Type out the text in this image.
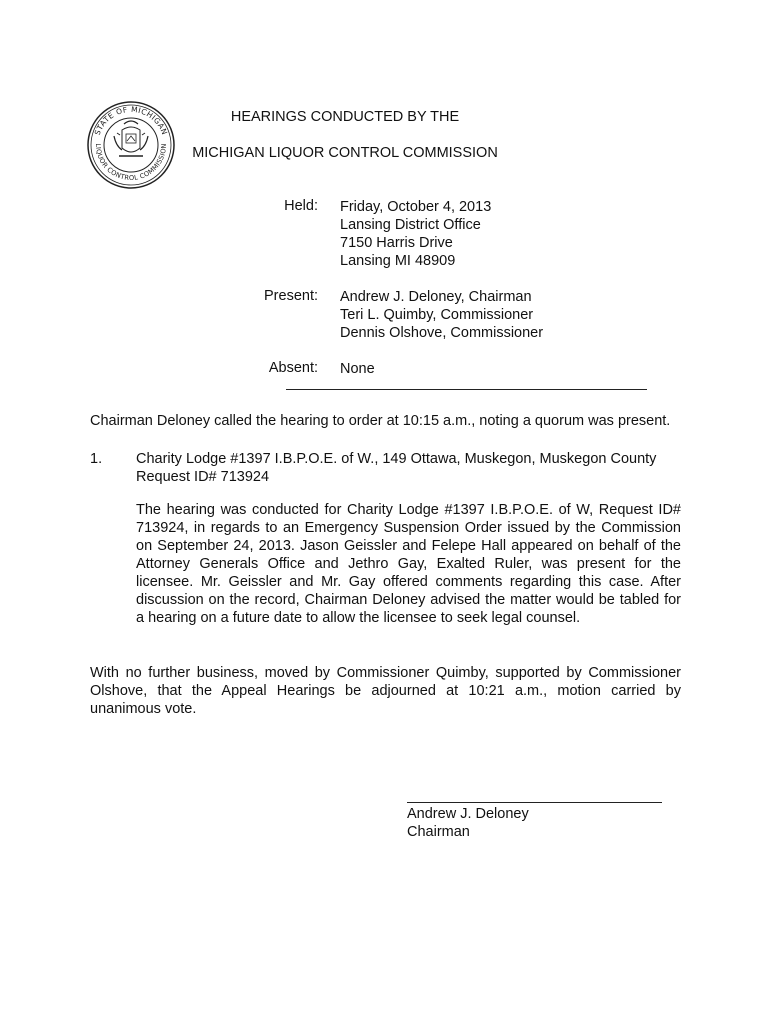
STATE OF MICHIGAN
LIQUOR CONTROL COMMISSION
HEARINGS CONDUCTED BY THE
MICHIGAN LIQUOR CONTROL COMMISSION
Held: Friday, October 4, 2013
Lansing District Office
7150 Harris Drive
Lansing MI 48909
Present: Andrew J. Deloney, Chairman
Teri L. Quimby, Commissioner
Dennis Olshove, Commissioner
Absent: None
Chairman Deloney called the hearing to order at 10:15 a.m., noting a quorum was present.
1. Charity Lodge #1397 I.B.P.O.E. of W., 149 Ottawa, Muskegon, Muskegon County
Request ID# 713924
The hearing was conducted for Charity Lodge #1397 I.B.P.O.E. of W, Request ID# 713924, in regards to an Emergency Suspension Order issued by the Commission on September 24, 2013. Jason Geissler and Felepe Hall appeared on behalf of the Attorney Generals Office and Jethro Gay, Exalted Ruler, was present for the licensee. Mr. Geissler and Mr. Gay offered comments regarding this case. After discussion on the record, Chairman Deloney advised the matter would be tabled for a hearing on a future date to allow the licensee to seek legal counsel.
With no further business, moved by Commissioner Quimby, supported by Commissioner Olshove, that the Appeal Hearings be adjourned at 10:21 a.m., motion carried by unanimous vote.
Andrew J. Deloney
Chairman
